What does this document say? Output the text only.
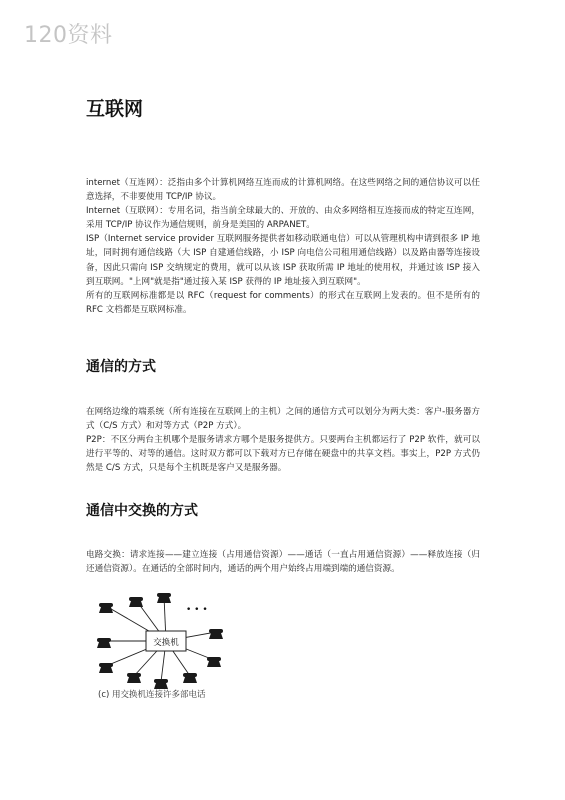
120资料
互联网

internet（互连网）：泛指由多个计算机网络互连而成的计算机网络。在这些网络之间的通信协议可以任意选择，不非要使用 TCP/IP 协议。

Internet（互联网）：专用名词，指当前全球最大的、开放的、由众多网络相互连接而成的特定互连网，采用 TCP/IP 协议作为通信规则，前身是美国的 ARPANET。

ISP（Internet service provider 互联网服务提供者如移动联通电信）可以从管理机构申请到很多 IP 地址，同时拥有通信线路（大 ISP 自建通信线路，小 ISP 向电信公司租用通信线路）以及路由器等连接设备，因此只需向 ISP 交纳规定的费用，就可以从该 ISP 获取所需 IP 地址的使用权，并通过该 ISP 接入到互联网。"上网"就是指"通过接入某 ISP 获得的 IP 地址接入到互联网"。

所有的互联网标准都是以 RFC（request for comments）的形式在互联网上发表的。但不是所有的 RFC 文档都是互联网标准。

通信的方式

在网络边缘的端系统（所有连接在互联网上的主机）之间的通信方式可以划分为两大类：客户-服务器方式（C/S 方式）和对等方式（P2P 方式）。

P2P：不区分两台主机哪个是服务请求方哪个是服务提供方。只要两台主机都运行了 P2P 软件，就可以进行平等的、对等的通信。这时双方都可以下载对方已存储在硬盘中的共享文档。事实上，P2P 方式仍然是 C/S 方式，只是每个主机既是客户又是服务器。

通信中交换的方式

电路交换：请求连接——建立连接（占用通信资源）——通话（一直占用通信资源）——释放连接（归还通信资源）。在通话的全部时间内，通话的两个用户始终占用端到端的通信资源。

交换机
• • •
(c) 用交换机连接许多部电话
